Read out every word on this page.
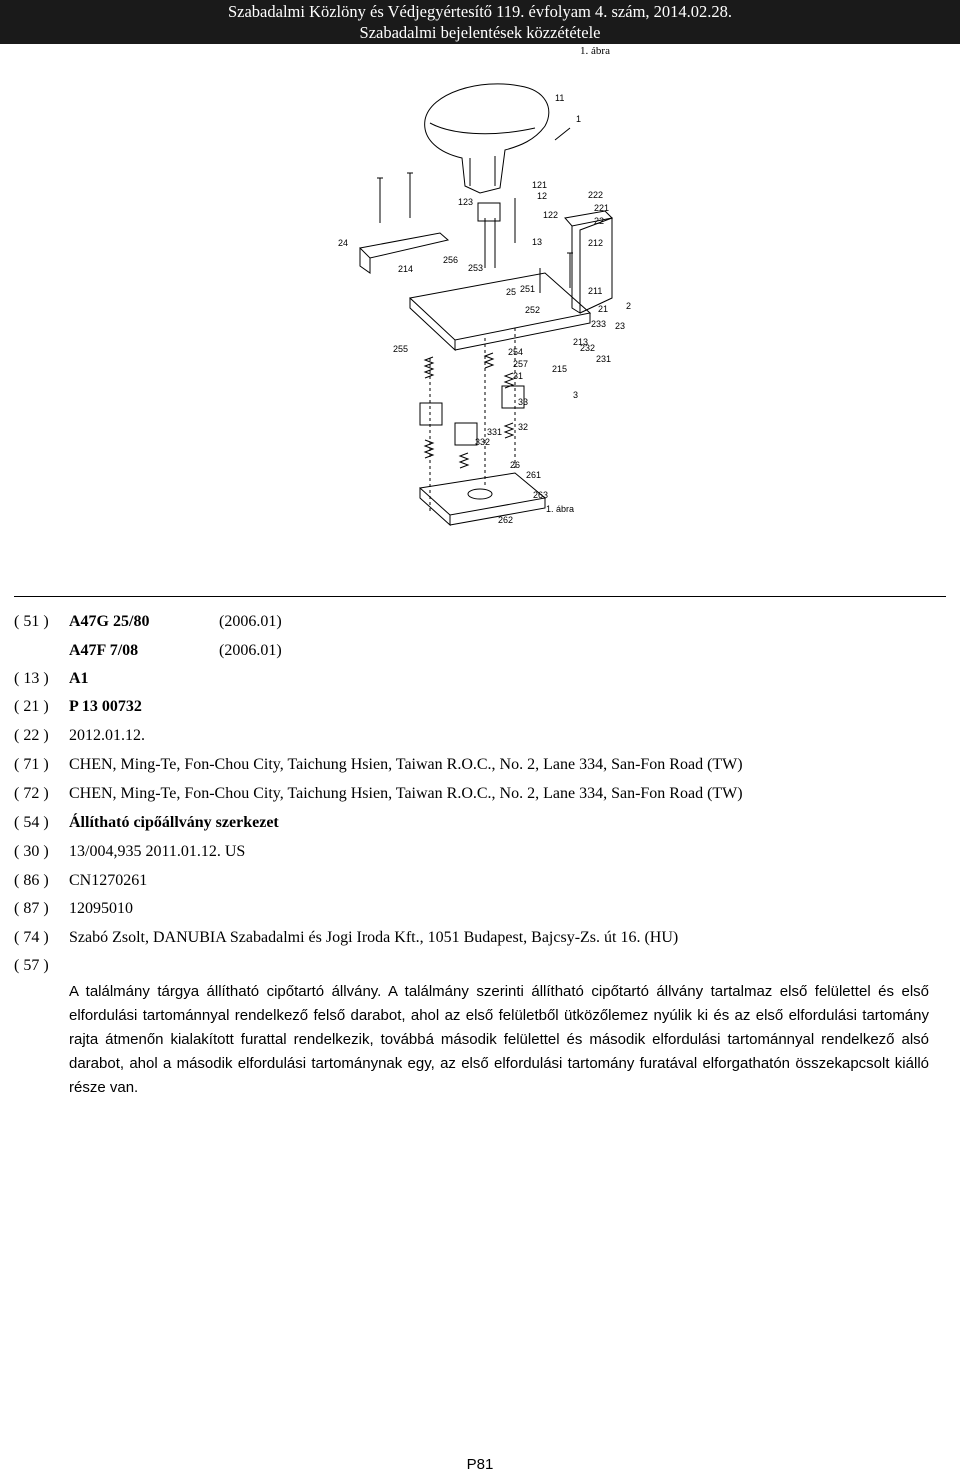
Szabadalmi Közlöny és Védjegyértesítő 119. évfolyam 4. szám, 2014.02.28.
Szabadalmi bejelentések közzététele
1. ábra
1
11
121
12
123
122
13
24
214
256
253
251
25
222
221
22
212
211
21 2
252
233 23
232
231
255	254
257
31
213
215
3
33
331
332
32
26
261
263
262
1. ábra
( 51 ) A47G 25/80	(2006.01)
A47F 7/08	(2006.01)
( 13 ) A1
( 21 ) P 13 00732
( 22 ) 2012.01.12.
( 71 ) CHEN, Ming-Te, Fon-Chou City, Taichung Hsien, Taiwan R.O.C., No. 2, Lane 334, San-Fon Road (TW)
( 72 ) CHEN, Ming-Te, Fon-Chou City, Taichung Hsien, Taiwan R.O.C., No. 2, Lane 334, San-Fon Road (TW)
( 54 ) Állítható cipőállvány szerkezet
( 30 ) 13/004,935 2011.01.12. US
( 86 ) CN1270261
( 87 ) 12095010
( 74 ) Szabó Zsolt, DANUBIA Szabadalmi és Jogi Iroda Kft., 1051 Budapest, Bajcsy-Zs. út 16. (HU)
( 57 )
A találmány tárgya állítható cipőtartó állvány. A találmány szerinti állítható cipőtartó állvány tartalmaz első felülettel és első elfordulási tartománnyal rendelkező felső darabot, ahol az első felületből ütközőlemez nyúlik ki és az első elfordulási tartomány rajta átmenőn kialakított furattal rendelkezik, továbbá második felülettel és második elfordulási tartománnyal rendelkező alsó darabot, ahol a második elfordulási tartománynak egy, az első elfordulási tartomány furatával elforgathatón összekapcsolt kiálló része van.
P81
